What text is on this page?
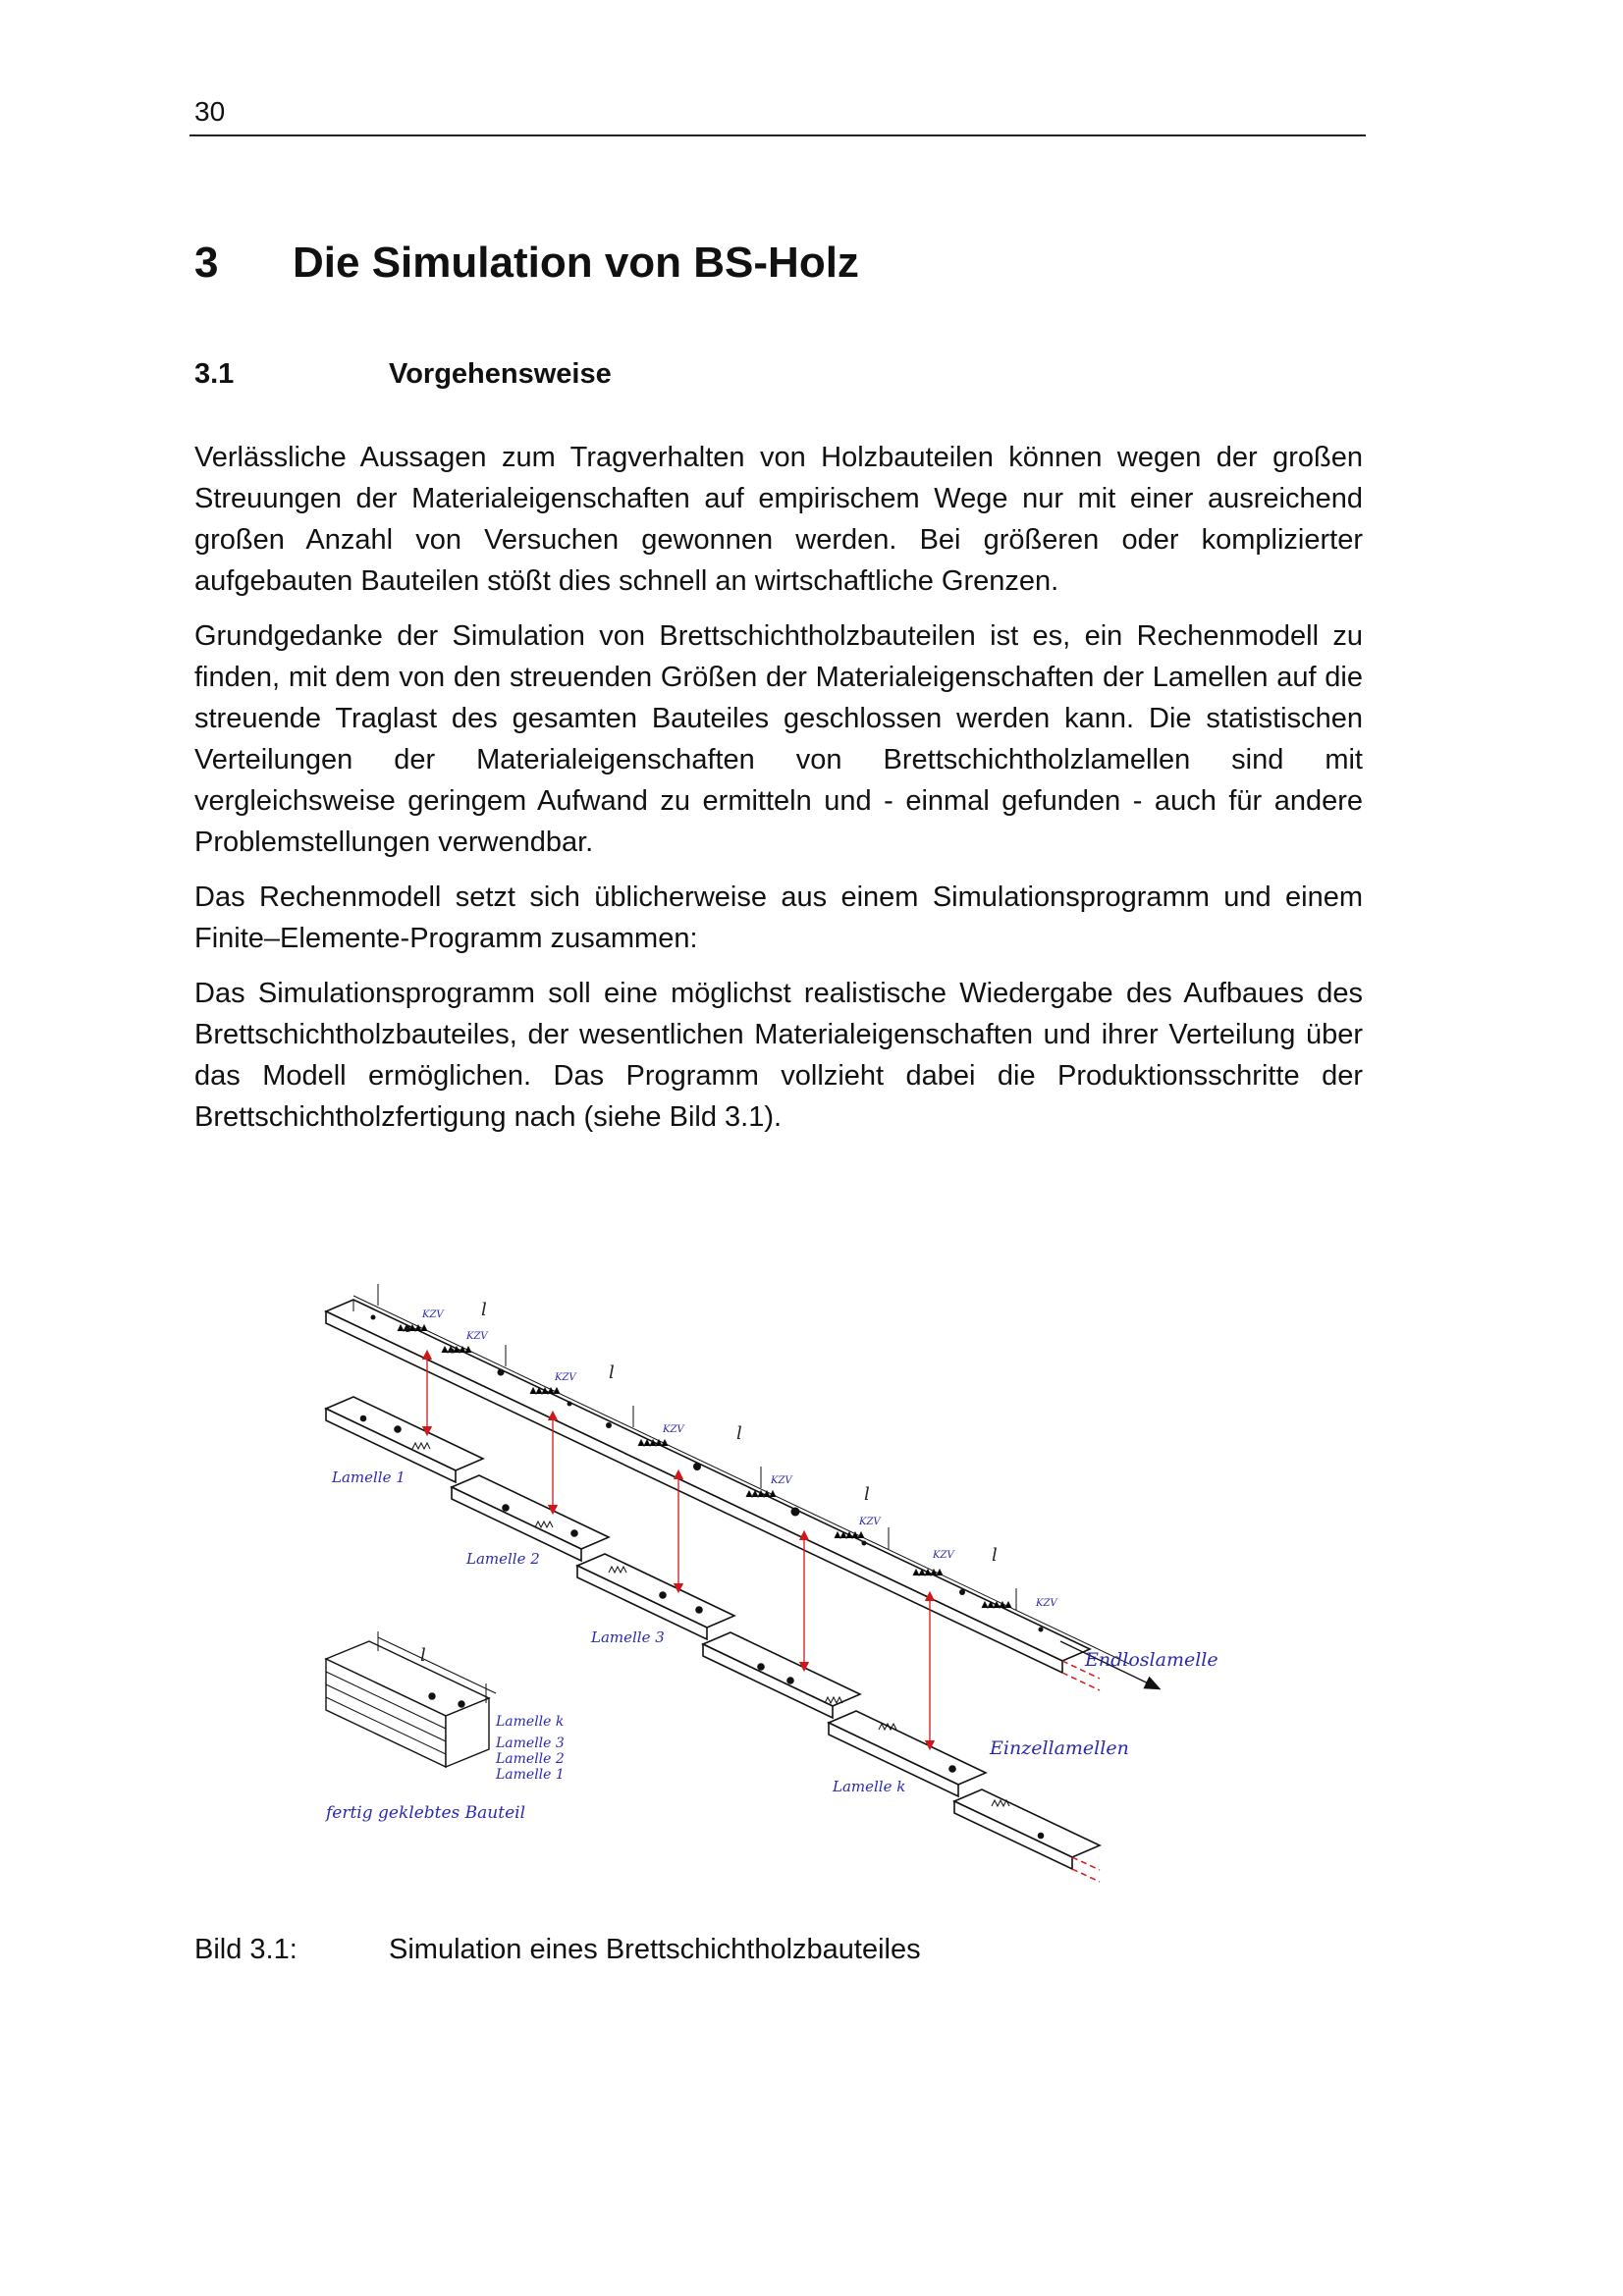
30
3 Die Simulation von BS-Holz
3.1	Vorgehensweise

Verlässliche Aussagen zum Tragverhalten von Holzbauteilen können wegen der großen Streuungen der Materialeigenschaften auf empirischem Wege nur mit einer ausreichend großen Anzahl von Versuchen gewonnen werden. Bei größeren oder komplizierter aufgebauten Bauteilen stößt dies schnell an wirtschaftliche Grenzen.

Grundgedanke der Simulation von Brettschichtholzbauteilen ist es, ein Rechenmodell zu finden, mit dem von den streuenden Größen der Materialeigenschaften der Lamellen auf die streuende Traglast des gesamten Bauteiles geschlossen werden kann. Die statistischen Verteilungen der Materialeigenschaften von Brettschichtholzlamellen sind mit vergleichsweise geringem Aufwand zu ermitteln und - einmal gefunden - auch für andere Problemstellungen verwendbar.

Das Rechenmodell setzt sich üblicherweise aus einem Simulationsprogramm und einem Finite–Elemente-Programm zusammen:

Das Simulationsprogramm soll eine möglichst realistische Wiedergabe des Aufbaues des Brettschichtholzbauteiles, der wesentlichen Materialeigenschaften und ihrer Verteilung über das Modell ermöglichen. Das Programm vollzieht dabei die Produktionsschritte der Brettschichtholzfertigung nach (siehe Bild 3.1).

l
l
l
l
l
KZV
KZV
KZV
KZV
KZV
KZV
KZV
KZV
Lamelle 1
Lamelle 2
Lamelle 3
Lamelle k
Endloslamelle
Einzellamellen
l
Lamelle k
Lamelle 3
Lamelle 2
Lamelle 1
fertig geklebtes Bauteil
Bild 3.1:	Simulation eines Brettschichtholzbauteiles
